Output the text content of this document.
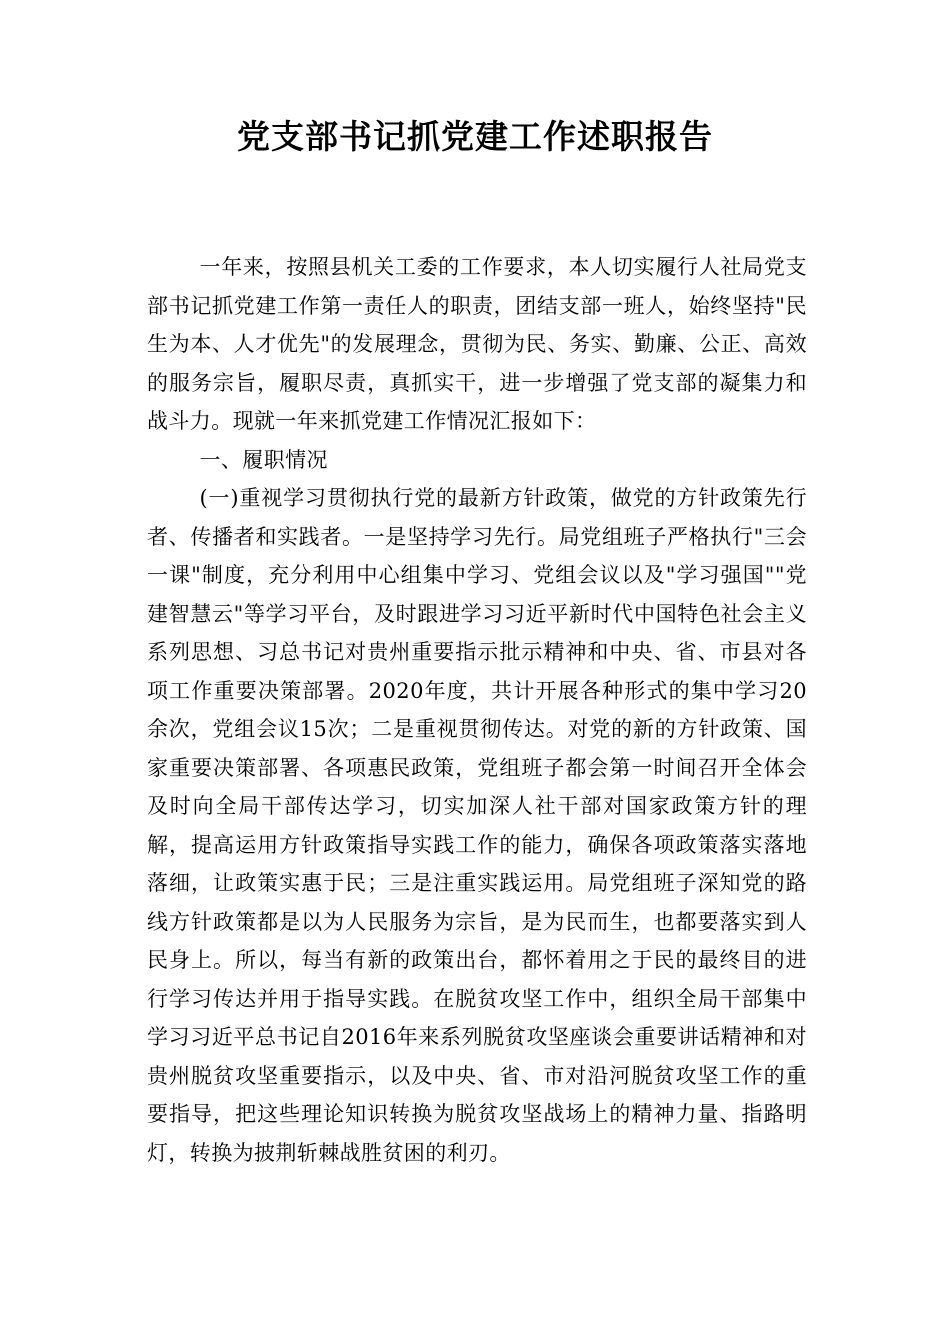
党支部书记抓党建工作述职报告

一年来，按照县机关工委的工作要求，本人切实履行人社局党支部书记抓党建工作第一责任人的职责，团结支部一班人，始终坚持"民生为本、人才优先"的发展理念，贯彻为民、务实、勤廉、公正、高效的服务宗旨，履职尽责，真抓实干，进一步增强了党支部的凝集力和战斗力。现就一年来抓党建工作情况汇报如下：

一、履职情况

(一)重视学习贯彻执行党的最新方针政策，做党的方针政策先行者、传播者和实践者。一是坚持学习先行。局党组班子严格执行"三会一课"制度，充分利用中心组集中学习、党组会议以及"学习强国""党建智慧云"等学习平台，及时跟进学习习近平新时代中国特色社会主义系列思想、习总书记对贵州重要指示批示精神和中央、省、市县对各项工作重要决策部署。2020年度，共计开展各种形式的集中学习20余次，党组会议15次；二是重视贯彻传达。对党的新的方针政策、国家重要决策部署、各项惠民政策，党组班子都会第一时间召开全体会及时向全局干部传达学习，切实加深人社干部对国家政策方针的理解，提高运用方针政策指导实践工作的能力，确保各项政策落实落地落细，让政策实惠于民；三是注重实践运用。局党组班子深知党的路线方针政策都是以为人民服务为宗旨，是为民而生，也都要落实到人民身上。所以，每当有新的政策出台，都怀着用之于民的最终目的进行学习传达并用于指导实践。在脱贫攻坚工作中，组织全局干部集中学习习近平总书记自2016年来系列脱贫攻坚座谈会重要讲话精神和对贵州脱贫攻坚重要指示，以及中央、省、市对沿河脱贫攻坚工作的重要指导，把这些理论知识转换为脱贫攻坚战场上的精神力量、指路明灯，转换为披荆斩棘战胜贫困的利刃。
